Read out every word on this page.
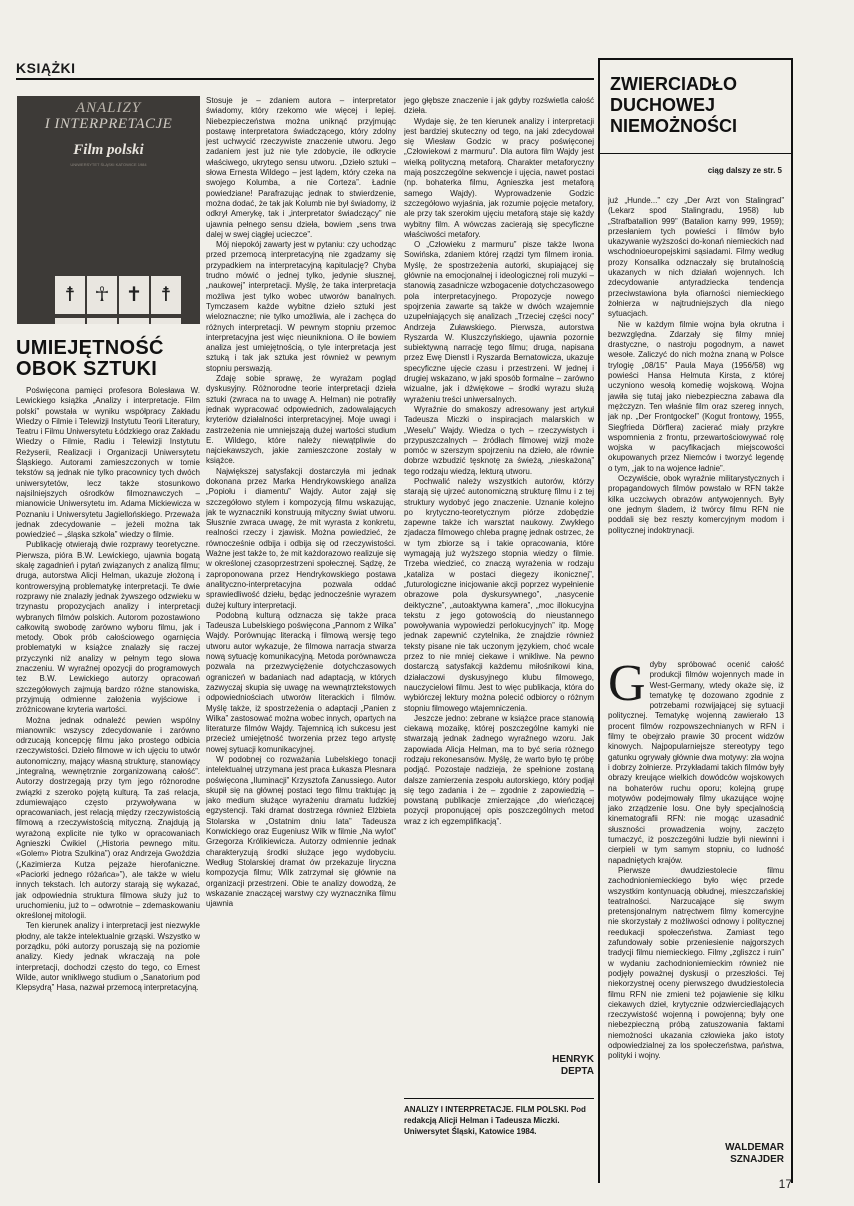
KSIĄŻKI
ANALIZY
I INTERPRETACJE
Film polski
UNIWERSYTET ŚLĄSKI KATOWICE 1984
☨ ☥ ✝ ☨
UMIEJĘTNOŚĆ
OBOK SZTUKI

Poświęcona pamięci profesora Bolesława W. Lewickiego książka „Analizy i interpretacje. Film polski” powstała w wyniku współpracy Zakładu Wiedzy o Filmie i Telewizji Instytutu Teorii Literatury, Teatru i Filmu Uniwersytetu Łódzkiego oraz Zakładu Wiedzy o Filmie, Radiu i Telewizji Instytutu Reżyserii, Realizacji i Organizacji Uniwersytetu Śląskiego. Autorami zamieszczonych w tomie tekstów są jednak nie tylko pracownicy tych dwóch uniwersytetów, lecz także stosunkowo najsilniejszych ośrodków filmoznawczych – mianowicie Uniwersytetu im. Adama Mickiewicza w Poznaniu i Uniwersytetu Jagiellońskiego. Przeważa jednak zdecydowanie – jeżeli można tak powiedzieć – „śląska szkoła” wiedzy o filmie.

Publikację otwierają dwie rozprawy teoretyczne. Pierwsza, pióra B.W. Lewickiego, ujawnia bogatą skalę zagadnień i pytań związanych z analizą filmu; druga, autorstwa Alicji Helman, ukazuje złożoną i kontrowersyjną problematykę interpretacji. Te dwie rozprawy nie znalazły jednak żywszego odzwieku w trzynastu propozycjach analizy i interpretacji wybranych filmów polskich. Autorom pozostawiono całkowitą swobodę zarówno wyboru filmu, jak i metody. Obok prób całościowego ogarnięcia problematyki w książce znalazły się raczej przyczynki niż analizy w pełnym tego słowa znaczeniu. W wyraźnej opozycji do programowych tez B.W. Lewickiego autorzy opracowań szczegółowych zajmują bardzo różne stanowiska, przyjmują odmienne założenia wyjściowe i zróżnicowane kryteria wartości.

Można jednak odnaleźć pewien wspólny mianownik: wszyscy zdecydowanie i zarówno odrzucają koncepcję filmu jako prostego odbicia rzeczywistości. Dzieło filmowe w ich ujęciu to utwór autonomiczny, mający własną strukturę, stanowiący „integralną, wewnętrznie zorganizowaną całość”. Autorzy dostrzegają przy tym jego różnorodne związki z szeroko pojętą kulturą. Ta zaś relacja, zdumiewająco często przywoływana w opracowaniach, jest relacją między rzeczywistością filmową a rzeczywistością mityczną. Znajdują ją wyrażoną explicite nie tylko w opracowaniach Agnieszki Ćwikiel („Historia pewnego mitu. «Golem» Piotra Szulkina”) oraz Andrzeja Gwoździa („Kazimierza Kutza pejzaże hierofaniczne. «Paciorki jednego różańca»”), ale także w wielu innych tekstach. Ich autorzy starają się wykazać, jak odpowiednia struktura filmowa służy już to uruchomieniu, już to – odwrotnie – zdemaskowaniu określonej mitologii.

Ten kierunek analizy i interpretacji jest niezwykle płodny, ale także intelektualnie grząski. Wszystko w porządku, póki autorzy poruszają się na poziomie analizy. Kiedy jednak wkraczają na pole interpretacji, dochodzi często do tego, co Ernest Wilde, autor wnikliwego studium o „Sanatorium pod Klepsydrą” Hasa, nazwał przemocą interpretacyjną.

Stosuje je – zdaniem autora – interpretator świadomy, który rzekomo wie więcej i lepiej. Niebezpieczeństwa można uniknąć przyjmując postawę interpretatora świadczącego, który zdolny jest uchwycić rzeczywiste znaczenie utworu. Jego zadaniem jest już nie tyle zdobycie, ile odkrycie właściwego, ukrytego sensu utworu. „Dzieło sztuki – słowa Ernesta Wildego – jest lądem, który czeka na swojego Kolumba, a nie Corteza”. Ładnie powiedziane! Parafrazując jednak to stwierdzenie, można dodać, że tak jak Kolumb nie był świadomy, iż odkrył Amerykę, tak i „interpretator świadczący” nie ujawnia pełnego sensu dzieła, bowiem „sens trwa dalej w swej ciągłej ucieczce”.

Mój niepokój zawarty jest w pytaniu: czy uchodząc przed przemocą interpretacyjną nie zgadzamy się przypadkiem na interpretacyjną kapitulację? Chyba trudno mówić o jednej tylko, jedynie słusznej, „naukowej” interpretacji. Myślę, że taka interpretacja możliwa jest tylko wobec utworów banalnych. Tymczasem każde wybitne dzieło sztuki jest wieloznaczne; nie tylko umożliwia, ale i zachęca do różnych interpretacji. W pewnym stopniu przemoc interpretacyjna jest więc nieunikniona. O ile bowiem analiza jest umiejętnością, o tyle interpretacja jest sztuką i tak jak sztuka jest również w pewnym stopniu perswazją.

Zdaję sobie sprawę, że wyrażam pogląd dyskusyjny. Różnorodne teorie interpretacji dzieła sztuki (zwraca na to uwagę A. Helman) nie potrafiły jednak wypracować odpowiednich, zadowalających kryteriów działalności interpretacyjnej. Moje uwagi i zastrzeżenia nie umniejszają dużej wartości studium E. Wildego, które należy niewątpliwie do najciekawszych, jakie zamieszczone zostały w książce.

Największej satysfakcji dostarczyła mi jednak dokonana przez Marka Hendrykowskiego analiza „Popiołu i diamentu” Wajdy. Autor zajął się szczegółowo stylem i kompozycją filmu wskazując, jak te wyznaczniki konstruują mityczny świat utworu. Słusznie zwraca uwagę, że mit wyrasta z konkretu, realności rzeczy i zjawisk. Można powiedzieć, że równocześnie odbija i odbija się od rzeczywistości. Ważne jest także to, że mit każdorazowo realizuje się w określonej czasoprzestrzeni społecznej. Sądzę, że zaproponowana przez Hendrykowskiego postawa analityczno-interpretacyjna pozwala oddać sprawiedliwość dziełu, będąc jednocześnie wyrazem dużej kultury interpretacji.

Podobną kulturą odznacza się także praca Tadeusza Lubelskiego poświęcona „Pannom z Wilka” Wajdy. Porównując literacką i filmową wersję tego utworu autor wykazuje, że filmowa narracja stwarza nową sytuację komunikacyjną. Metoda porównawcza pozwala na przezwyciężenie dotychczasowych ograniczeń w badaniach nad adaptacją, w których zazwyczaj skupia się uwagę na wewnątrztekstowych odpowiedniościach utworów literackich i filmów. Myślę także, iż spostrzeżenia o adaptacji „Panien z Wilka” zastosować można wobec innych, opartych na literaturze filmów Wajdy. Tajemnicą ich sukcesu jest przecież umiejętność tworzenia przez tego artystę nowej sytuacji komunikacyjnej.

W podobnej co rozważania Lubelskiego tonacji intelektualnej utrzymana jest praca Łukasza Plesnara poświęcona „Iluminacji” Krzysztofa Zanussiego. Autor skupił się na głównej postaci tego filmu traktując ją jako medium służące wyrażeniu dramatu ludzkiej egzystencji. Taki dramat dostrzega również Elżbieta Stolarska w „Ostatnim dniu lata” Tadeusza Konwickiego oraz Eugeniusz Wilk w filmie „Na wylot” Grzegorza Królikiewicza. Autorzy odmiennie jednak charakteryzują środki służące jego wydobyciu. Według Stolarskiej dramat ów przekazuje liryczna kompozycja filmu; Wilk zatrzymał się głównie na organizacji przestrzeni. Obie te analizy dowodzą, że wskazanie znaczącej warstwy czy wyznacznika filmu ujawnia

jego głębsze znaczenie i jak gdyby rozświetla całość dzieła.

Wydaje się, że ten kierunek analizy i interpretacji jest bardziej skuteczny od tego, na jaki zdecydował się Wiesław Godzic w pracy poświęconej „Człowiekowi z marmuru”. Dla autora film Wajdy jest wielką polityczną metaforą. Charakter metaforyczny mają poszczególne sekwencje i ujęcia, nawet postaci (np. bohaterka filmu, Agnieszka jest metaforą samego Wajdy). Wyprowadzenie Godzic szczegółowo wyjaśnia, jak rozumie pojęcie metafory, ale przy tak szerokim ujęciu metaforą staje się każdy wybitny film. A wówczas zacierają się specyficzne właściwości metafory.

O „Człowieku z marmuru” pisze także Iwona Sowińska, zdaniem której rządzi tym filmem ironia. Myślę, że spostrzeżenia autorki, skupiającej się głównie na emocjonalnej i ideologicznej roli muzyki – stanowią zasadnicze wzbogacenie dotychczasowego pola interpretacyjnego. Propozycje nowego spojrzenia zawarte są także w dwóch wzajemnie uzupełniających się analizach „Trzeciej części nocy” Andrzeja Żuławskiego. Pierwsza, autorstwa Ryszarda W. Kluszczyńskiego, ujawnia pozornie subiektywną narrację tego filmu; druga, napisana przez Ewę Dienstl i Ryszarda Bernatowicza, ukazuje specyficzne ujęcie czasu i przestrzeni. W jednej i drugiej wskazano, w jaki sposób formalne – zarówno wizualne, jak i dźwiękowe – środki wyrazu służą wyrażeniu treści uniwersalnych.

Wyraźnie do smakoszy adresowany jest artykuł Tadeusza Miczki o inspiracjach malarskich w „Weselu” Wajdy. Wiedza o tych – rzeczywistych i przypuszczalnych – źródłach filmowej wizji może pomóc w szerszym spojrzeniu na dzieło, ale równie dobrze wzbudzić tęsknotę za świeżą, „nieskażoną” tego rodzaju wiedzą, lekturą utworu.

Pochwalić należy wszystkich autorów, którzy starają się ujrzeć autonomiczną strukturę filmu i z tej struktury wydobyć jego znaczenie. Uznanie kolejno po krytyczno-teoretycznym piórze zdobędzie zapewne także ich warsztat naukowy. Zwykłego zjadacza filmowego chleba pragnę jednak ostrzec, że w tym zbiorze są i takie opracowania, które wymagają już wyższego stopnia wiedzy o filmie. Trzeba wiedzieć, co znaczą wyrażenia w rodzaju „kataliza w postaci diegezy ikonicznej”, „futurologiczne inicjowanie akcji poprzez wypełnienie obrazowe pola dyskursywnego”, „nasycenie deiktyczne”, „autoaktywna kamera”, „moc illokucyjna tekstu z jego gotowością do nieustannego powoływania wypowiedzi perlokucyjnych” itp. Mogę jednak zapewnić czytelnika, że znajdzie również teksty pisane nie tak uczonym językiem, choć wcale przez to nie mniej ciekawe i wnikliwe. Na pewno dostarczą satysfakcji każdemu miłośnikowi kina, działaczowi dyskusyjnego klubu filmowego, nauczycielowi filmu. Jest to więc publikacja, która do wybiórczej lektury można polecić odbiorcy o różnym stopniu filmowego wtajemniczenia.

Jeszcze jedno: zebrane w książce prace stanowią ciekawą mozaikę, której poszczególne kamyki nie stwarzają jednak żadnego wyraźnego wzoru. Jak zapowiada Alicja Helman, ma to być seria różnego rodzaju rekonesansów. Myślę, że warto było tę próbę podjąć. Pozostaje nadzieja, że spełnione zostaną dalsze zamierzenia zespołu autorskiego, który podjął się tego zadania i że – zgodnie z zapowiedzią – powstaną publikacje zmierzające „do wieńczącej pozycji proponującej opis poszczególnych metod wraz z ich egzemplifikacją”.

HENRYK
DEPTA
ANALIZY I INTERPRETACJE. FILM POLSKI. Pod redakcją Alicji Helman i Tadeusza Miczki. Uniwersytet Śląski, Katowice 1984.
ZWIERCIADŁO
DUCHOWEJ
NIEMOŻNOŚCI
ciąg dalszy ze str. 5

już „Hunde...” czy „Der Arzt von Stalingrad” (Lekarz spod Stalingradu, 1958) lub „Strafbatallion 999” (Batalion karny 999, 1959); przesłaniem tych powieści i filmów było ukazywanie wyższości do-konań niemieckich nad wschodnioeuropejskimi sąsiadami. Filmy według prozy Konsalika odznaczały się brutalnością ukazanych w nich działań wojennych. Ich zdecydowanie antyradziecka tendencja przeciwstawiona była ofiarności niemieckiego żołnierza w najtrudniejszych dla niego sytuacjach.

Nie w każdym filmie wojna była okrutna i bezwzględna. Zdarzały się filmy mniej drastyczne, o nastroju pogodnym, a nawet wesołe. Zaliczyć do nich można znaną w Polsce trylogię „08/15” Paula Maya (1956/58) wg powieści Hansa Helmuta Kirsta, z której uczyniono wesołą komedię wojskową. Wojna jawiła się tutaj jako niebezpieczna zabawa dla mężczyzn. Ten właśnie film oraz szereg innych, jak np. „Der Frontgockel” (Kogut frontowy, 1955, Siegfrieda Dörflera) zacierać miały przykre wspomnienia z frontu, przewartościowywać rolę wojska w pacyfikacjach miejscowości okupowanych przez Niemców i tworzyć legendę o tym, „jak to na wojence ładnie”.

Oczywiście, obok wyraźnie militarystycznych i propagandowych filmów powstało w RFN także kilka uczciwych obrazów antywojennych. Były one jednym śladem, iż twórcy filmu RFN nie poddali się bez reszty komercyjnym modom i politycznej indoktrynacji.

G dyby spróbować ocenić całość produkcji filmów wojennych made in West-Germany, wtedy okaże się, iż tematykę tę dozowano zgodnie z potrzebami rozwijającej się sytuacji politycznej. Tematykę wojenną zawierało 13 procent filmów rozpowszechnianych w RFN i filmy te obejrzało prawie 30 procent widzów kinowych. Najpopularniejsze stereotypy tego gatunku ogrywały głównie dwa motywy: zła wojna i dobrzy żołnierze. Przykładami takich filmów były obrazy kreujące wielkich dowódców wojskowych na bohaterów ruchu oporu; kolejną grupę motywów podejmowały filmy ukazujące wojnę jako zrządzenie losu. One były specjalnością kinematografii RFN: nie mogąc uzasadnić słuszności prowadzenia wojny, zaczęto tumaczyć, iż poszczególni ludzie byli niewinni i cierpieli w tym samym stopniu, co ludność napadniętych krajów.

Pierwsze dwudziestolecie filmu zachodnioniemieckiego było więc przede wszystkim kontynuacją obłudnej, mieszczańskiej teatralności. Narzucające się swym pretensjonalnym natręctwem filmy komercyjne nie skorzystały z możliwości odnowy i politycznej reedukacji społeczeństwa. Zamiast tego zafundowały sobie przeniesienie najgorszych tradycji filmu niemieckiego. Filmy „zgliszcz i ruin” w wydaniu zachodnioniemieckim również nie podjęły poważnej dyskusji o przeszłości. Tej niekorzystnej oceny pierwszego dwudziestolecia filmu RFN nie zmieni też pojawienie się kilku ciekawych dzieł, krytycznie odzwierciedlających rzeczywistość wojenną i powojenną; były one niebezpieczną próbą zatuszowania faktami niemożności ukazania człowieka jako istoty odpowiedzialnej za los społeczeństwa, państwa, polityki i wojny.

WALDEMAR
SZNAJDER
17
